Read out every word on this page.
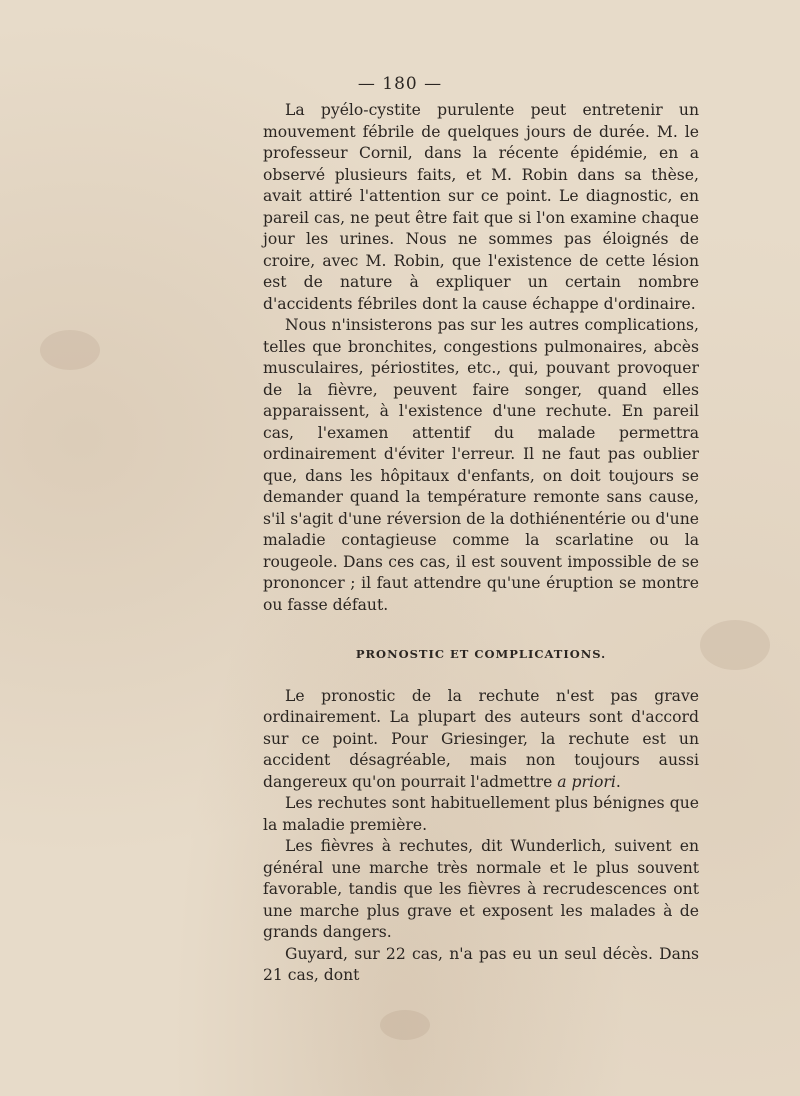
— 180 —

La pyélo-cystite purulente peut entretenir un mouvement fébrile de quelques jours de durée. M. le professeur Cornil, dans la récente épidémie, en a observé plusieurs faits, et M. Robin dans sa thèse, avait attiré l'attention sur ce point. Le diagnostic, en pareil cas, ne peut être fait que si l'on examine chaque jour les urines. Nous ne sommes pas éloignés de croire, avec M. Robin, que l'existence de cette lésion est de nature à expliquer un certain nombre d'accidents fébriles dont la cause échappe d'ordinaire.

Nous n'insisterons pas sur les autres complications, telles que bronchites, congestions pulmonaires, abcès musculaires, périostites, etc., qui, pouvant provoquer de la fièvre, peuvent faire songer, quand elles apparaissent, à l'existence d'une rechute. En pareil cas, l'examen attentif du malade permettra ordinairement d'éviter l'erreur. Il ne faut pas oublier que, dans les hôpitaux d'enfants, on doit toujours se demander quand la température remonte sans cause, s'il s'agit d'une réversion de la dothiénentérie ou d'une maladie contagieuse comme la scarlatine ou la rougeole. Dans ces cas, il est souvent impossible de se prononcer ; il faut attendre qu'une éruption se montre ou fasse défaut.

PRONOSTIC ET COMPLICATIONS.

Le pronostic de la rechute n'est pas grave ordinairement. La plupart des auteurs sont d'accord sur ce point. Pour Griesinger, la rechute est un accident désagréable, mais non toujours aussi dangereux qu'on pourrait l'admettre a priori.

Les rechutes sont habituellement plus bénignes que la maladie première.

Les fièvres à rechutes, dit Wunderlich, suivent en général une marche très normale et le plus souvent favorable, tandis que les fièvres à recrudescences ont une marche plus grave et exposent les malades à de grands dangers.

Guyard, sur 22 cas, n'a pas eu un seul décès. Dans 21 cas, dont
